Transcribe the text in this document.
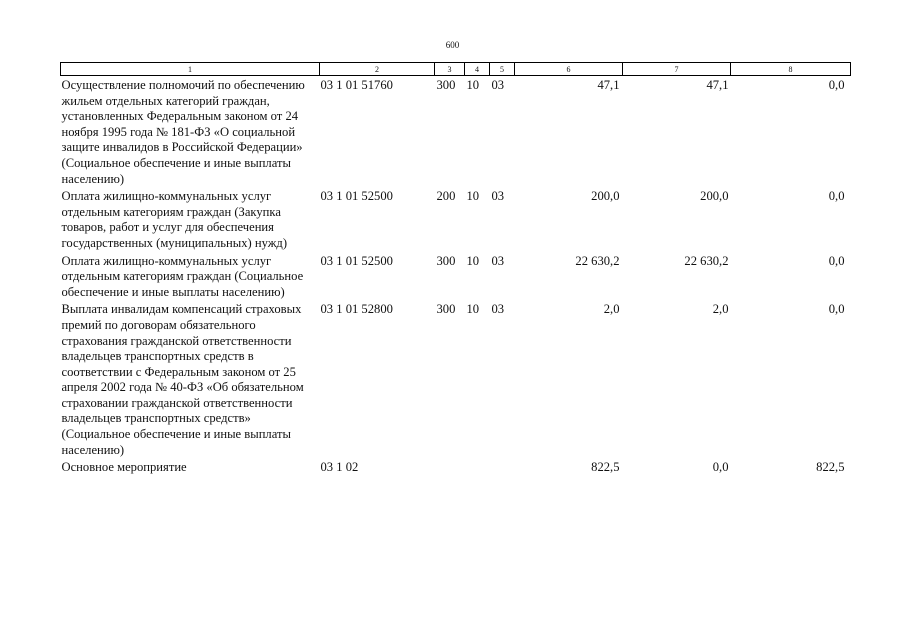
600
1	2	3	4	5	6	7	8
Осуществление полномочий по обеспечению жильем отдельных категорий граждан, установленных Федеральным законом от 24 ноября 1995 года № 181-ФЗ «О социальной защите инвалидов в Российской Федерации» (Социальное обеспечение и иные выплаты населению)	03 1 01 51760	300	10	03	47,1	47,1	0,0
Оплата жилищно-коммунальных услуг отдельным категориям граждан (Закупка товаров, работ и услуг для обеспечения государственных (муниципальных) нужд)	03 1 01 52500	200	10	03	200,0	200,0	0,0
Оплата жилищно-коммунальных услуг отдельным категориям граждан (Социальное обеспечение и иные выплаты населению)	03 1 01 52500	300	10	03	22 630,2	22 630,2	0,0
Выплата инвалидам компенсаций страховых премий по договорам обязательного страхования гражданской ответственности владельцев транспортных средств в соответствии с Федеральным законом от 25 апреля 2002 года № 40-ФЗ «Об обязательном страховании гражданской ответственности владельцев транспортных средств» (Социальное обеспечение и иные выплаты населению)	03 1 01 52800	300	10	03	2,0	2,0	0,0
Основное мероприятие	03 1 02				822,5	0,0	822,5
